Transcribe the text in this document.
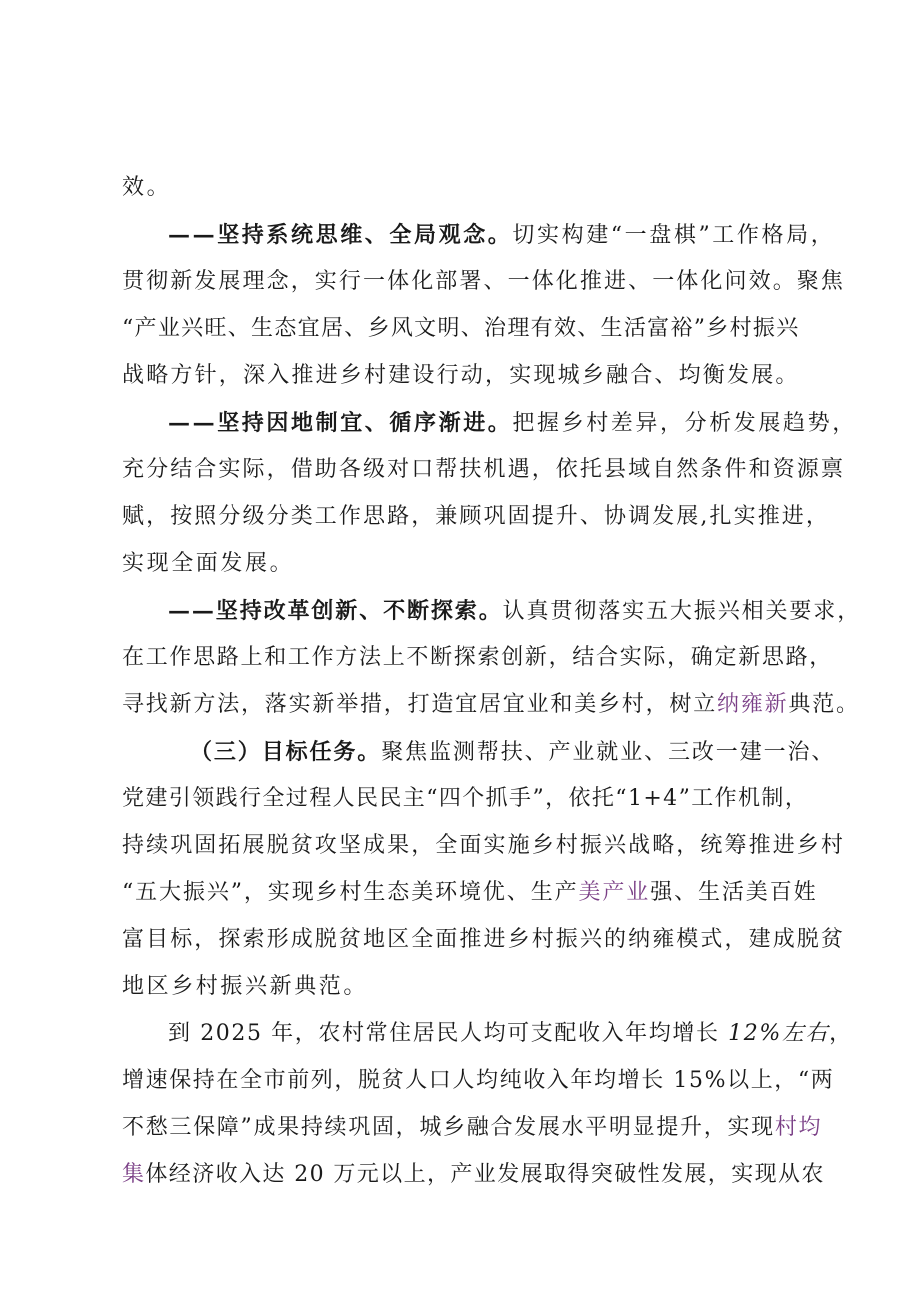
效。
——坚持系统思维、全局观念。切实构建“一盘棋”工作格局，
贯彻新发展理念，实行一体化部署、一体化推进、一体化问效。聚焦
“产业兴旺、生态宜居、乡风文明、治理有效、生活富裕”乡村振兴
战略方针，深入推进乡村建设行动，实现城乡融合、均衡发展。
——坚持因地制宜、循序渐进。把握乡村差异，分析发展趋势，
充分结合实际，借助各级对口帮扶机遇，依托县域自然条件和资源禀
赋，按照分级分类工作思路，兼顾巩固提升、协调发展,扎实推进，
实现全面发展。
——坚持改革创新、不断探索。认真贯彻落实五大振兴相关要求，
在工作思路上和工作方法上不断探索创新，结合实际，确定新思路，
寻找新方法，落实新举措，打造宜居宜业和美乡村，树立纳雍新典范。
（三）目标任务。聚焦监测帮扶、产业就业、三改一建一治、
党建引领践行全过程人民民主“四个抓手”，依托“1+4”工作机制，
持续巩固拓展脱贫攻坚成果，全面实施乡村振兴战略，统筹推进乡村
“五大振兴”，实现乡村生态美环境优、生产美产业强、生活美百姓
富目标，探索形成脱贫地区全面推进乡村振兴的纳雍模式，建成脱贫
地区乡村振兴新典范。
到 2025 年，农村常住居民人均可支配收入年均增长 12%左右，
增速保持在全市前列，脱贫人口人均纯收入年均增长 15%以上，“两
不愁三保障”成果持续巩固，城乡融合发展水平明显提升，实现村均
集体经济收入达 20 万元以上，产业发展取得突破性发展，实现从农
